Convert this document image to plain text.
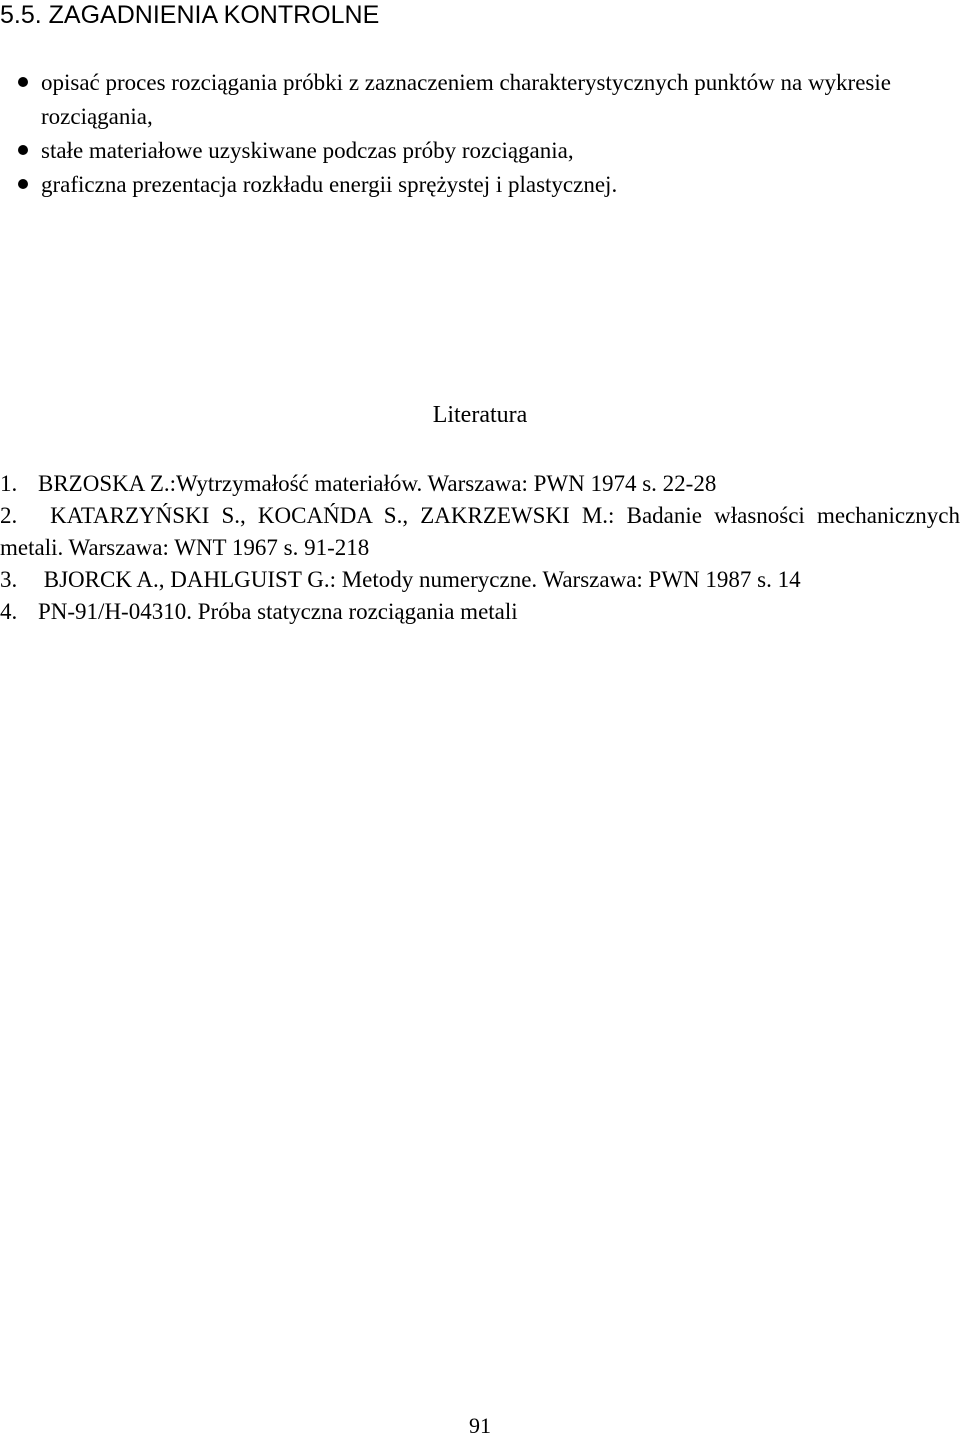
5.5. ZAGADNIENIA KONTROLNE
opisać proces rozciągania próbki z zaznaczeniem charakterystycznych punktów na wykresie rozciągania,
stałe materiałowe uzyskiwane podczas próby rozciągania,
graficzna prezentacja rozkładu energii sprężystej i plastycznej.
Literatura
1. BRZOSKA Z.:Wytrzymałość materiałów. Warszawa: PWN 1974 s. 22-28
2. KATARZYŃSKI S., KOCAŃDA S., ZAKRZEWSKI M.: Badanie własności mechanicznych metali. Warszawa: WNT 1967 s. 91-218
3. BJORCK A., DAHLGUIST G.: Metody numeryczne. Warszawa: PWN 1987 s. 14
4. PN-91/H-04310. Próba statyczna rozciągania metali
91
